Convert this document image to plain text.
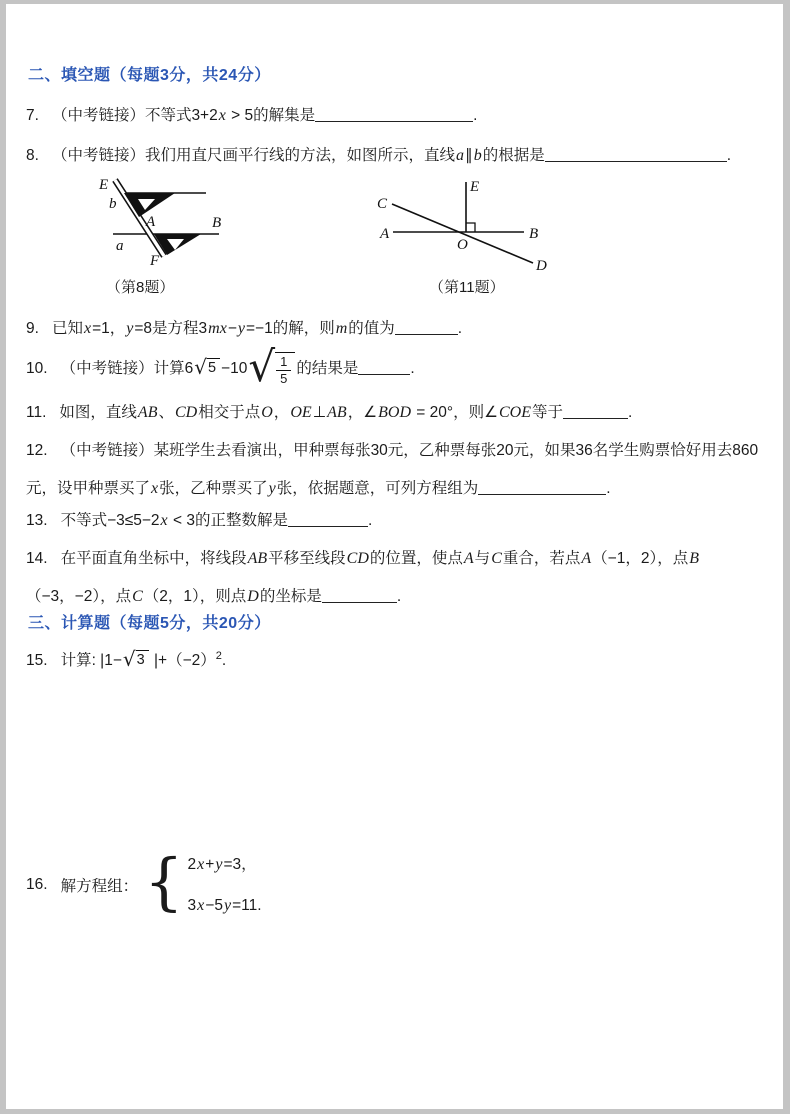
二、填空题（每题3分，共24分）
7. （中考链接）不等式3+2x > 5的解集是	.
8. （中考链接）我们用直尺画平行线的方法，如图所示，直线a∥b的根据是	.
E
b
A	B
a
F
（第8题）
E
C
A
O
B
D
（第11题）
9. 已知x=1，y=8是方程3mx−y=−1的解，则m的值为	.
10. （中考链接）计算6 √ 5 −10 √ $\frac{1}{5}$ 的结果是	.
11. 如图，直线AB、CD相交于点O，OE⊥AB，∠BOD = 20°，则∠COE等于	.
12. （中考链接）某班学生去看演出，甲种票每张30元，乙种票每张20元，如果36名学生购票恰好用去860
元，设甲种票买了x张，乙种票买了y张，依据题意，可列方程组为	.
13. 不等式−3≤5−2x < 3的正整数解是	.
14. 在平面直角坐标中，将线段AB平移至线段CD的位置，使点A与C重合，若点A（−1，2），点B
（−3，−2），点C（2，1），则点D的坐标是	.
三、计算题（每题5分，共20分）
15. 计算: |1− √ 3 $|+(-2)^2$.
16. 解方程组： { 2x+y=3，
3x−5y=11.
